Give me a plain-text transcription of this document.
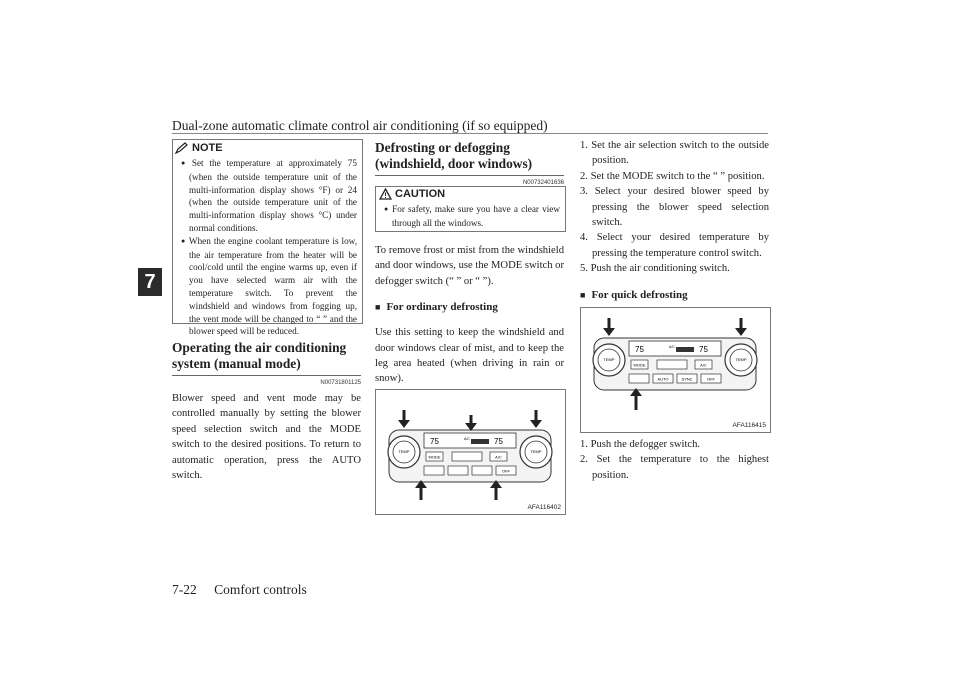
Dual-zone automatic climate control air conditioning (if so equipped)
7
NOTE
● Set the temperature at approximately 75 (when the outside temperature unit of the multi-information display shows °F) or 24 (when the outside temperature unit of the multi-information display shows °C) under normal conditions.
● When the engine coolant temperature is low, the air temperature from the heater will be cool/cold until the engine warms up, even if you have selected warm air with the temperature switch. To prevent the windshield and windows from fogging up, the vent mode will be changed to “ ” and the blower speed will be reduced.
Operating the air conditioning system (manual mode)
N00731801125

Blower speed and vent mode may be controlled manually by setting the blower speed selection switch and the MODE switch to the desired positions. To return to automatic operation, press the AUTO switch.

Defrosting or defogging (windshield, door windows)
N00732401636
CAUTION

● For safety, make sure you have a clear view through all the windows.

To remove frost or mist from the windshield and door windows, use the MODE switch or defogger switch (“ ” or “ ”).

■ For ordinary defrosting

Use this setting to keep the windshield and door windows clear of mist, and to keep the leg area heated (when driving in rain or snow).

TEMP	TEMP
75	75
A/C
MODE	A/C
OFF
AFA116402

1. Set the air selection switch to the outside position.

2. Set the MODE switch to the “ ” position.

3. Select your desired blower speed by pressing the blower speed selection switch.

4. Select your desired temperature by pressing the temperature control switch.

5. Push the air conditioning switch.

■ For quick defrosting
TEMP	TEMP
75	75
A/C
MODE	A/C
AUTO	SYNC	OFF
AFA116415

1. Push the defogger switch.

2. Set the temperature to the highest position.

7-22 Comfort controls
